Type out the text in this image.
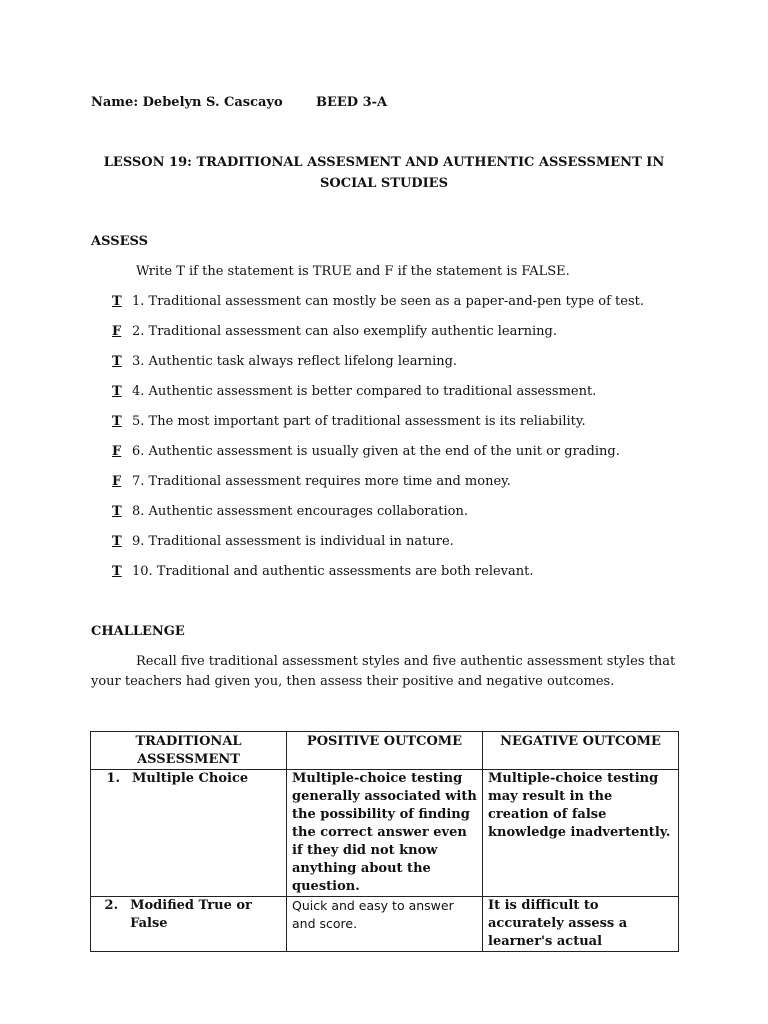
Name: Debelyn S. Cascayo	BEED 3-A
LESSON 19: TRADITIONAL ASSESMENT AND AUTHENTIC ASSESSMENT IN SOCIAL STUDIES
ASSESS
Write T if the statement is TRUE and F if the statement is FALSE.
T 1. Traditional assessment can mostly be seen as a paper-and-pen type of test.
F 2. Traditional assessment can also exemplify authentic learning.
T 3. Authentic task always reflect lifelong learning.
T 4. Authentic assessment is better compared to traditional assessment.
T 5. The most important part of traditional assessment is its reliability.
F 6. Authentic assessment is usually given at the end of the unit or grading.
F 7. Traditional assessment requires more time and money.
T 8. Authentic assessment encourages collaboration.
T 9. Traditional assessment is individual in nature.
T 10. Traditional and authentic assessments are both relevant.
CHALLENGE
Recall five traditional assessment styles and five authentic assessment styles that
your teachers had given you, then assess their positive and negative outcomes.
TRADITIONAL ASSESSMENT	POSITIVE OUTCOME	NEGATIVE OUTCOME

1. Multiple Choice	Multiple-choice testing generally associated with the possibility of finding the correct answer even if they did not know anything about the question.	Multiple-choice testing may result in the creation of false knowledge inadvertently.

2. Modified True or False	Quick and easy to answer and score.	It is difficult to accurately assess a learner's actual
